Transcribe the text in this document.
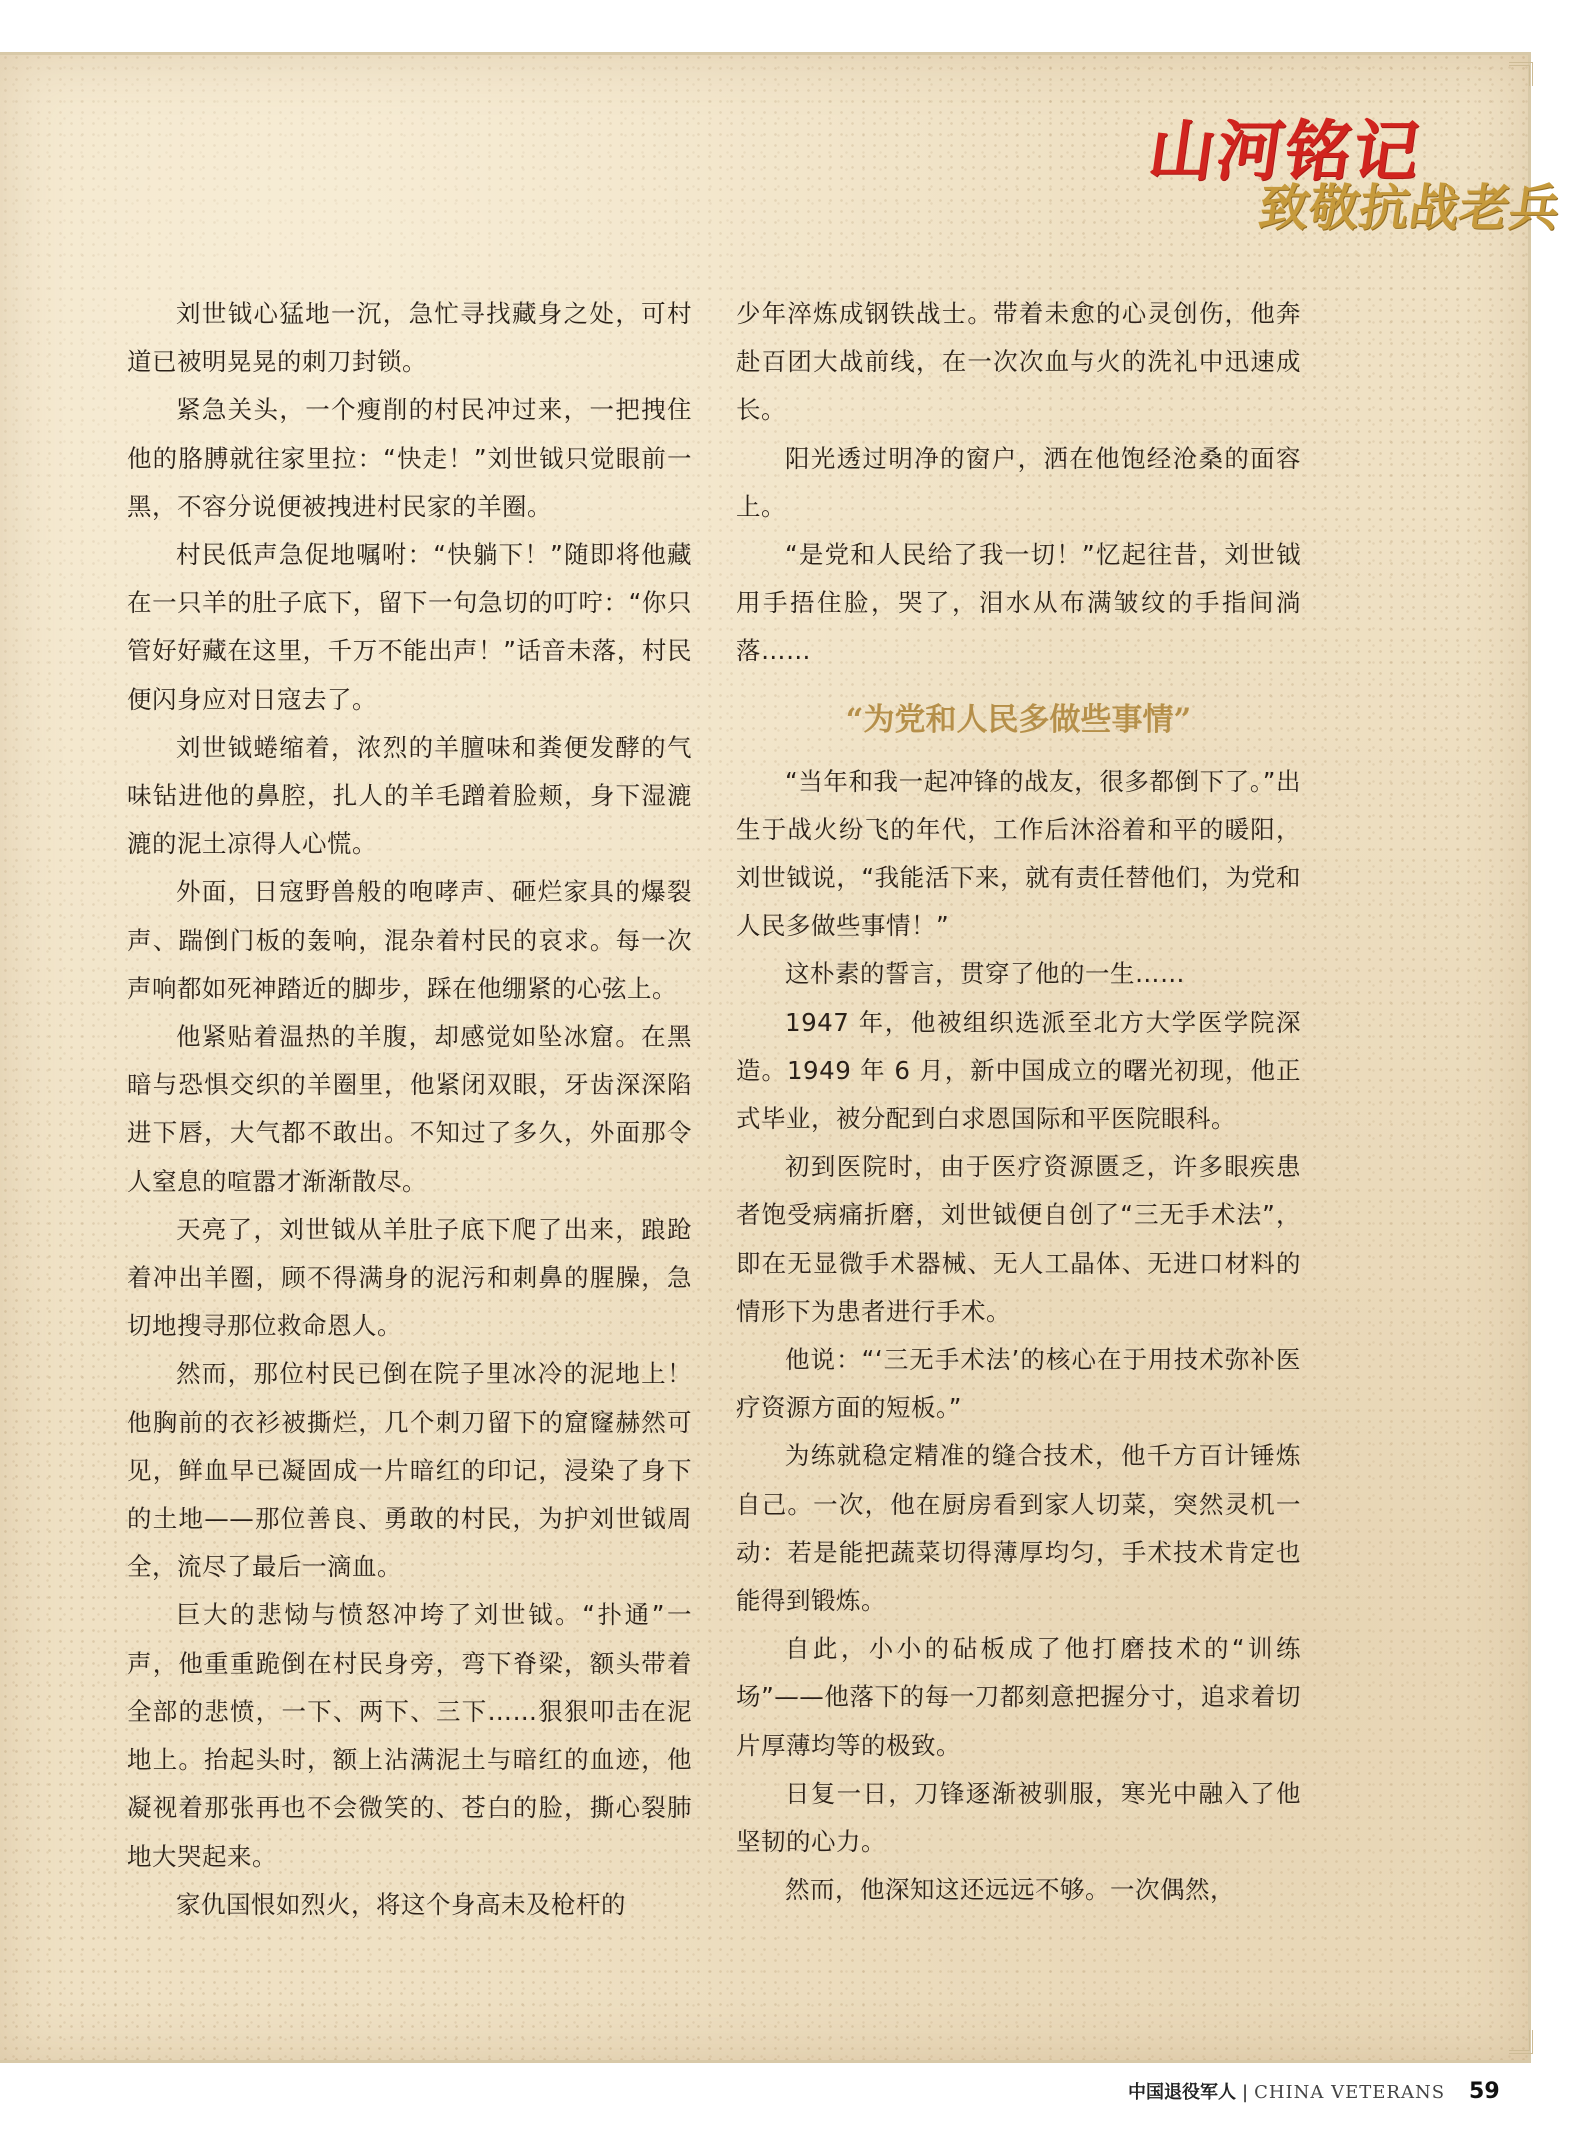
山河铭记
致敬抗战老兵

刘世钺心猛地一沉，急忙寻找藏身之处，可村道已被明晃晃的刺刀封锁。

紧急关头，一个瘦削的村民冲过来，一把拽住他的胳膊就往家里拉：“快走！”刘世钺只觉眼前一黑，不容分说便被拽进村民家的羊圈。

村民低声急促地嘱咐：“快躺下！”随即将他藏在一只羊的肚子底下，留下一句急切的叮咛：“你只管好好藏在这里，千万不能出声！”话音未落，村民便闪身应对日寇去了。

刘世钺蜷缩着，浓烈的羊膻味和粪便发酵的气味钻进他的鼻腔，扎人的羊毛蹭着脸颊，身下湿漉漉的泥土凉得人心慌。

外面，日寇野兽般的咆哮声、砸烂家具的爆裂声、踹倒门板的轰响，混杂着村民的哀求。每一次声响都如死神踏近的脚步，踩在他绷紧的心弦上。

他紧贴着温热的羊腹，却感觉如坠冰窟。在黑暗与恐惧交织的羊圈里，他紧闭双眼，牙齿深深陷进下唇，大气都不敢出。不知过了多久，外面那令人窒息的喧嚣才渐渐散尽。

天亮了，刘世钺从羊肚子底下爬了出来，踉跄着冲出羊圈，顾不得满身的泥污和刺鼻的腥臊，急切地搜寻那位救命恩人。

然而，那位村民已倒在院子里冰冷的泥地上！他胸前的衣衫被撕烂，几个刺刀留下的窟窿赫然可见，鲜血早已凝固成一片暗红的印记，浸染了身下的土地——那位善良、勇敢的村民，为护刘世钺周全，流尽了最后一滴血。

巨大的悲恸与愤怒冲垮了刘世钺。“扑通”一声，他重重跪倒在村民身旁，弯下脊梁，额头带着全部的悲愤，一下、两下、三下……狠狠叩击在泥地上。抬起头时，额上沾满泥土与暗红的血迹，他凝视着那张再也不会微笑的、苍白的脸，撕心裂肺地大哭起来。

家仇国恨如烈火，将这个身高未及枪杆的

少年淬炼成钢铁战士。带着未愈的心灵创伤，他奔赴百团大战前线，在一次次血与火的洗礼中迅速成长。

阳光透过明净的窗户，洒在他饱经沧桑的面容上。

“是党和人民给了我一切！”忆起往昔，刘世钺用手捂住脸，哭了，泪水从布满皱纹的手指间淌落……

“为党和人民多做些事情”

“当年和我一起冲锋的战友，很多都倒下了。”出生于战火纷飞的年代，工作后沐浴着和平的暖阳，刘世钺说，“我能活下来，就有责任替他们，为党和人民多做些事情！”

这朴素的誓言，贯穿了他的一生……

1947 年，他被组织选派至北方大学医学院深造。1949 年 6 月，新中国成立的曙光初现，他正式毕业，被分配到白求恩国际和平医院眼科。

初到医院时，由于医疗资源匮乏，许多眼疾患者饱受病痛折磨，刘世钺便自创了“三无手术法”，即在无显微手术器械、无人工晶体、无进口材料的情形下为患者进行手术。

他说：“‘三无手术法’的核心在于用技术弥补医疗资源方面的短板。”

为练就稳定精准的缝合技术，他千方百计锤炼自己。一次，他在厨房看到家人切菜，突然灵机一动：若是能把蔬菜切得薄厚均匀，手术技术肯定也能得到锻炼。

自此，小小的砧板成了他打磨技术的“训练场”——他落下的每一刀都刻意把握分寸，追求着切片厚薄均等的极致。

日复一日，刀锋逐渐被驯服，寒光中融入了他坚韧的心力。

然而，他深知这还远远不够。一次偶然，

中国退役军人 | CHINA VETERANS 59
